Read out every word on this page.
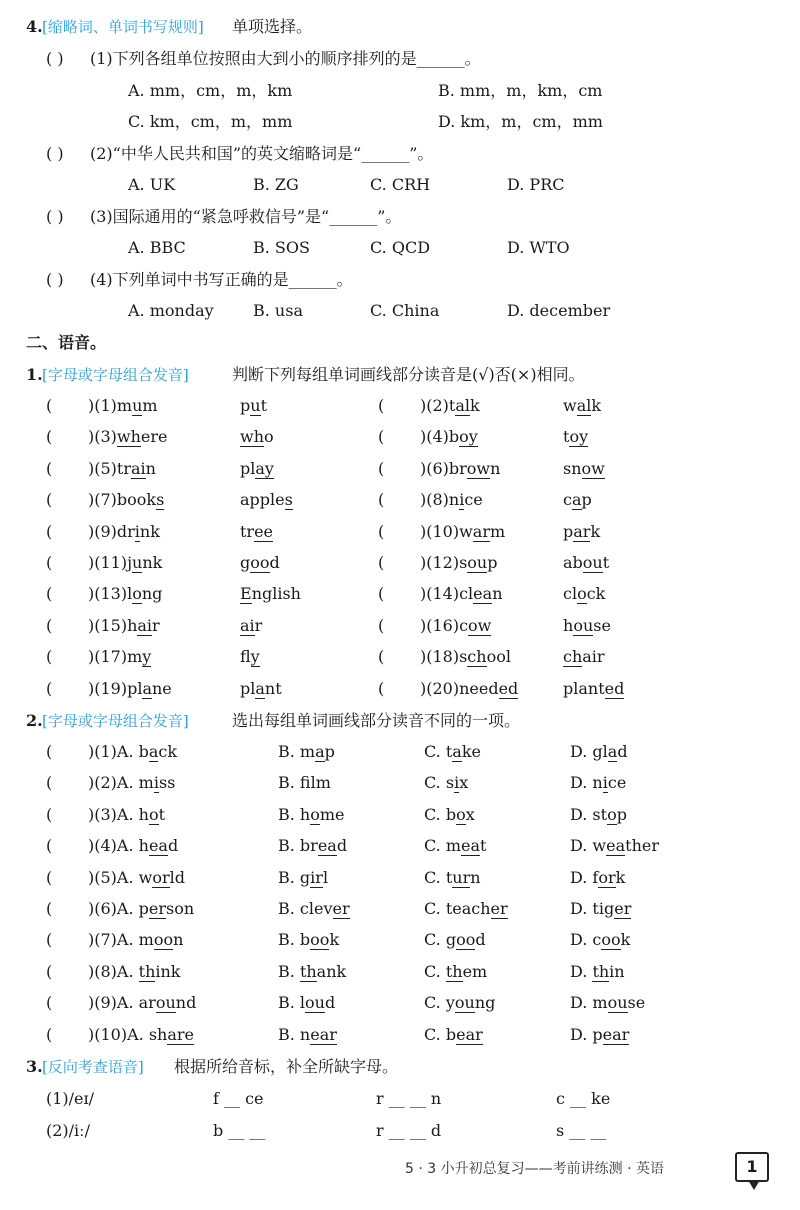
4. [缩略词、单词书写规则] 单项选择。
( ) (1)下列各组单位按照由大到小的顺序排列的是______。
A. mm，cm，m，km	B. mm，m，km，cm
C. km，cm，m，mm	D. km，m，cm，mm
( ) (2)“中华人民共和国”的英文缩略词是“______”。
A. UK	B. ZG	C. CRH	D. PRC
( ) (3)国际通用的“紧急呼救信号”是“______”。
A. BBC	B. SOS	C. QCD	D. WTO
( ) (4)下列单词中书写正确的是______。
A. monday B. usa	C. China	D. december
二、语音。
1. [字母或字母组合发音]	判断下列每组单词画线部分读音是(√)否(×)相同。
( )(1)mum	put	( )(2)talk	walk
( )(3)where	who	( )(4)boy	toy
( )(5)train	play	( )(6)brown	snow
( )(7)books	apples	( )(8)nice	cap
( )(9)drink	tree	( )(10)warm	park
( )(11)junk	good	( )(12)soup	about
( )(13)long	English	( )(14)clean	clock
( )(15)hair	air	( )(16)cow	house
( )(17)my	fly	( )(18)school	chair
( )(19)plane	plant	( )(20)needed	planted
2. [字母或字母组合发音]	选出每组单词画线部分读音不同的一项。
( )(1)A. back	B. map	C. take	D. glad
( )(2)A. miss	B. flm	C. six	D. nice
( )(3)A. hot	B. home	C. box	D. stop
( )(4)A. head	B. bread	C. meat	D. weather
( )(5)A. world	B. girl	C. turn	D. fork
( )(6)A. person	B. clever	C. teacher	D. tiger
( )(7)A. moon	B. book	C. good	D. cook
( )(8)A. think	B. thank	C. them	D. thin
( )(9)A. around	B. loud	C. young	D. mouse
( )(10)A. share	B. near	C. bear	D. pear
3. [反向考查语音] 根据所给音标，补全所缺字母。
(1)/eɪ/	f __ ce	r __ __ n	c __ ke
(2)/iː/	b __ __	r __ __ d	s __ __
5 · 3 小升初总复习——考前讲练测 · 英语	1
